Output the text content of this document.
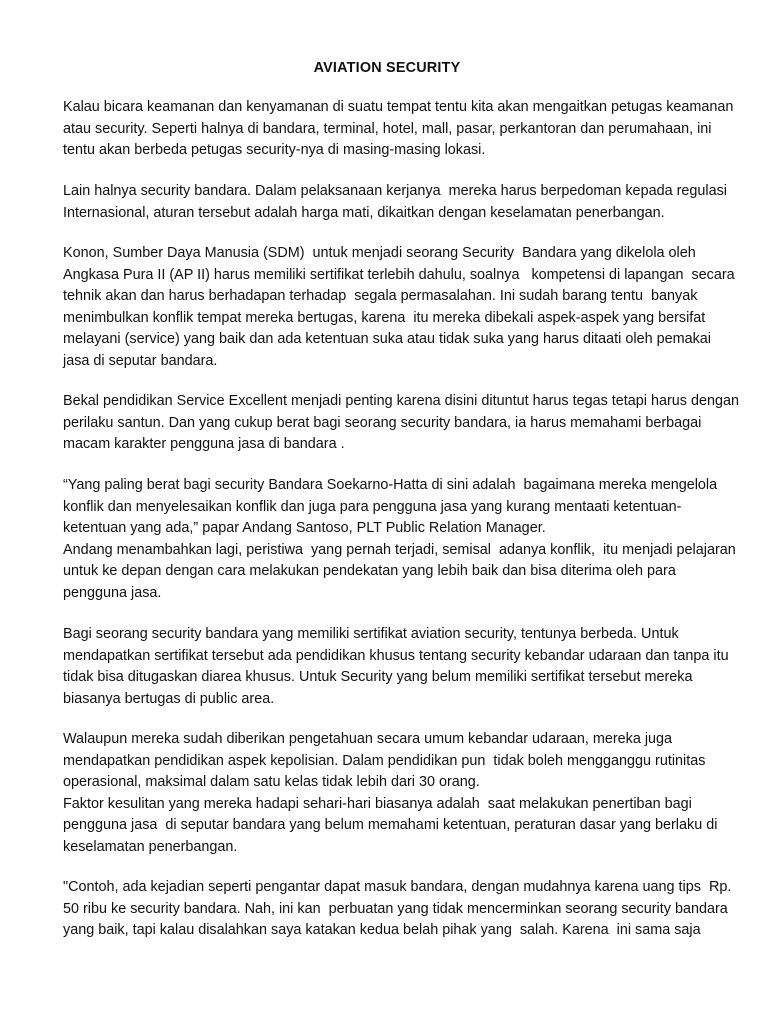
AVIATION SECURITY
Kalau bicara keamanan dan kenyamanan di suatu tempat tentu kita akan mengaitkan petugas keamanan
atau security. Seperti halnya di bandara, terminal, hotel, mall, pasar, perkantoran dan perumahaan, ini
tentu akan berbeda petugas security-nya di masing-masing lokasi.
Lain halnya security bandara. Dalam pelaksanaan kerjanya  mereka harus berpedoman kepada regulasi
Internasional, aturan tersebut adalah harga mati, dikaitkan dengan keselamatan penerbangan.
Konon, Sumber Daya Manusia (SDM)  untuk menjadi seorang Security  Bandara yang dikelola oleh
Angkasa Pura II (AP II) harus memiliki sertifikat terlebih dahulu, soalnya   kompetensi di lapangan  secara
tehnik akan dan harus berhadapan terhadap  segala permasalahan. Ini sudah barang tentu  banyak
menimbulkan konflik tempat mereka bertugas, karena  itu mereka dibekali aspek-aspek yang bersifat
melayani (service) yang baik dan ada ketentuan suka atau tidak suka yang harus ditaati oleh pemakai
jasa di seputar bandara.
Bekal pendidikan Service Excellent menjadi penting karena disini dituntut harus tegas tetapi harus dengan
perilaku santun. Dan yang cukup berat bagi seorang security bandara, ia harus memahami berbagai
macam karakter pengguna jasa di bandara .
“Yang paling berat bagi security Bandara Soekarno-Hatta di sini adalah  bagaimana mereka mengelola
konflik dan menyelesaikan konflik dan juga para pengguna jasa yang kurang mentaati ketentuan-
ketentuan yang ada,” papar Andang Santoso, PLT Public Relation Manager.
Andang menambahkan lagi, peristiwa  yang pernah terjadi, semisal  adanya konflik,  itu menjadi pelajaran
untuk ke depan dengan cara melakukan pendekatan yang lebih baik dan bisa diterima oleh para
pengguna jasa.
Bagi seorang security bandara yang memiliki sertifikat aviation security, tentunya berbeda. Untuk
mendapatkan sertifikat tersebut ada pendidikan khusus tentang security kebandar udaraan dan tanpa itu
tidak bisa ditugaskan diarea khusus. Untuk Security yang belum memiliki sertifikat tersebut mereka
biasanya bertugas di public area.
Walaupun mereka sudah diberikan pengetahuan secara umum kebandar udaraan, mereka juga
mendapatkan pendidikan aspek kepolisian. Dalam pendidikan pun  tidak boleh mengganggu rutinitas
operasional, maksimal dalam satu kelas tidak lebih dari 30 orang.
Faktor kesulitan yang mereka hadapi sehari-hari biasanya adalah  saat melakukan penertiban bagi
pengguna jasa  di seputar bandara yang belum memahami ketentuan, peraturan dasar yang berlaku di
keselamatan penerbangan.
"Contoh, ada kejadian seperti pengantar dapat masuk bandara, dengan mudahnya karena uang tips  Rp.
50 ribu ke security bandara. Nah, ini kan  perbuatan yang tidak mencerminkan seorang security bandara
yang baik, tapi kalau disalahkan saya katakan kedua belah pihak yang  salah. Karena  ini sama saja
